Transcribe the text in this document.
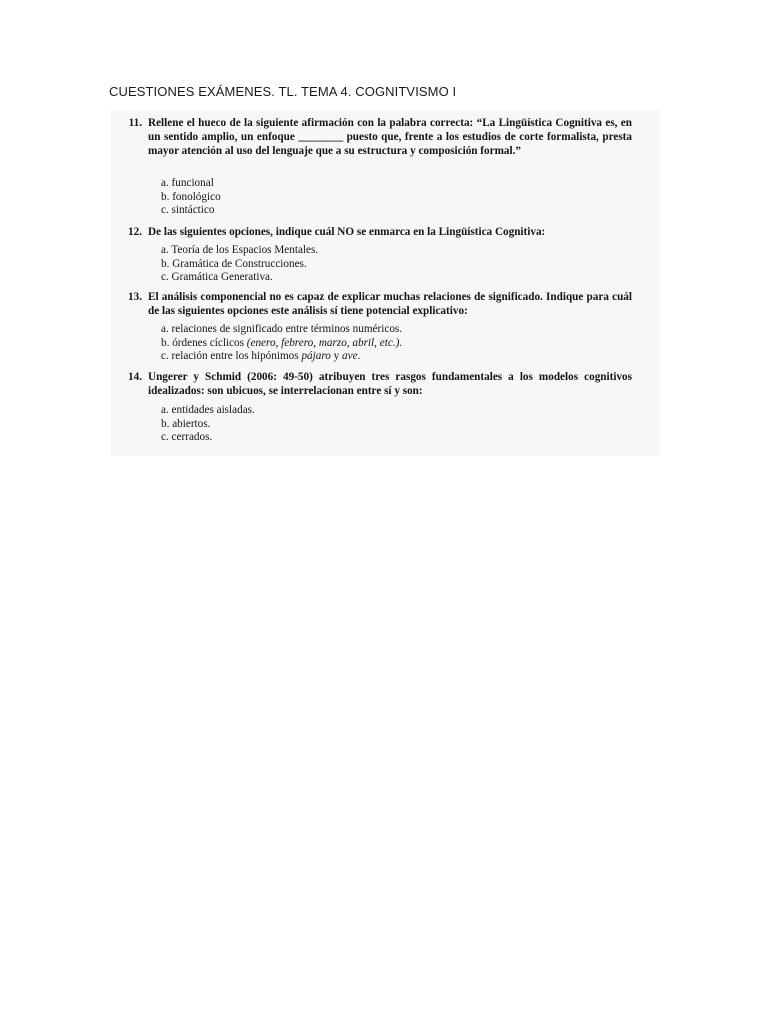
CUESTIONES EXÁMENES. TL. TEMA 4. COGNITVISMO I
11. Rellene el hueco de la siguiente afirmación con la palabra correcta: “La Lingüística Cognitiva es, en un sentido amplio, un enfoque ________ puesto que, frente a los estudios de corte formalista, presta mayor atención al uso del lenguaje que a su estructura y composición formal.”
a. funcional
b. fonológico
c. sintáctico
12. De las siguientes opciones, indique cuál NO se enmarca en la Lingüística Cognitiva:
a. Teoría de los Espacios Mentales.
b. Gramática de Construcciones.
c. Gramática Generativa.
13. El análisis componencial no es capaz de explicar muchas relaciones de significado. Indique para cuál de las siguientes opciones este análisis sí tiene potencial explicativo:
a. relaciones de significado entre términos numéricos.
b. órdenes cíclicos (enero, febrero, marzo, abril, etc.).
c. relación entre los hipónimos pájaro y ave.
14. Ungerer y Schmid (2006: 49-50) atribuyen tres rasgos fundamentales a los modelos cognitivos idealizados: son ubicuos, se interrelacionan entre sí y son:
a. entidades aisladas.
b. abiertos.
c. cerrados.
